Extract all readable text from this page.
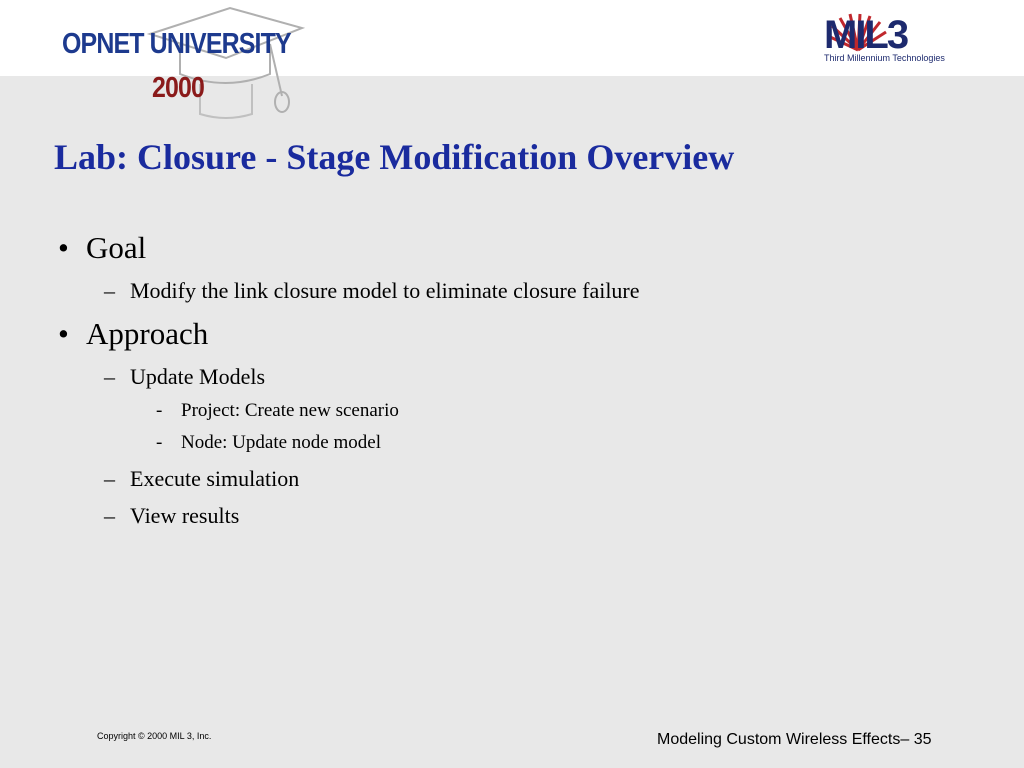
OPNET UNIVERSITY
2000
MIL3
Third Millennium Technologies
Lab: Closure - Stage Modification Overview
• Goal
– Modify the link closure model to eliminate closure failure
• Approach
– Update Models
- Project: Create new scenario
- Node: Update node model
– Execute simulation
– View results
Copyright © 2000 MIL 3, Inc.	Modeling Custom Wireless Effects– 35
